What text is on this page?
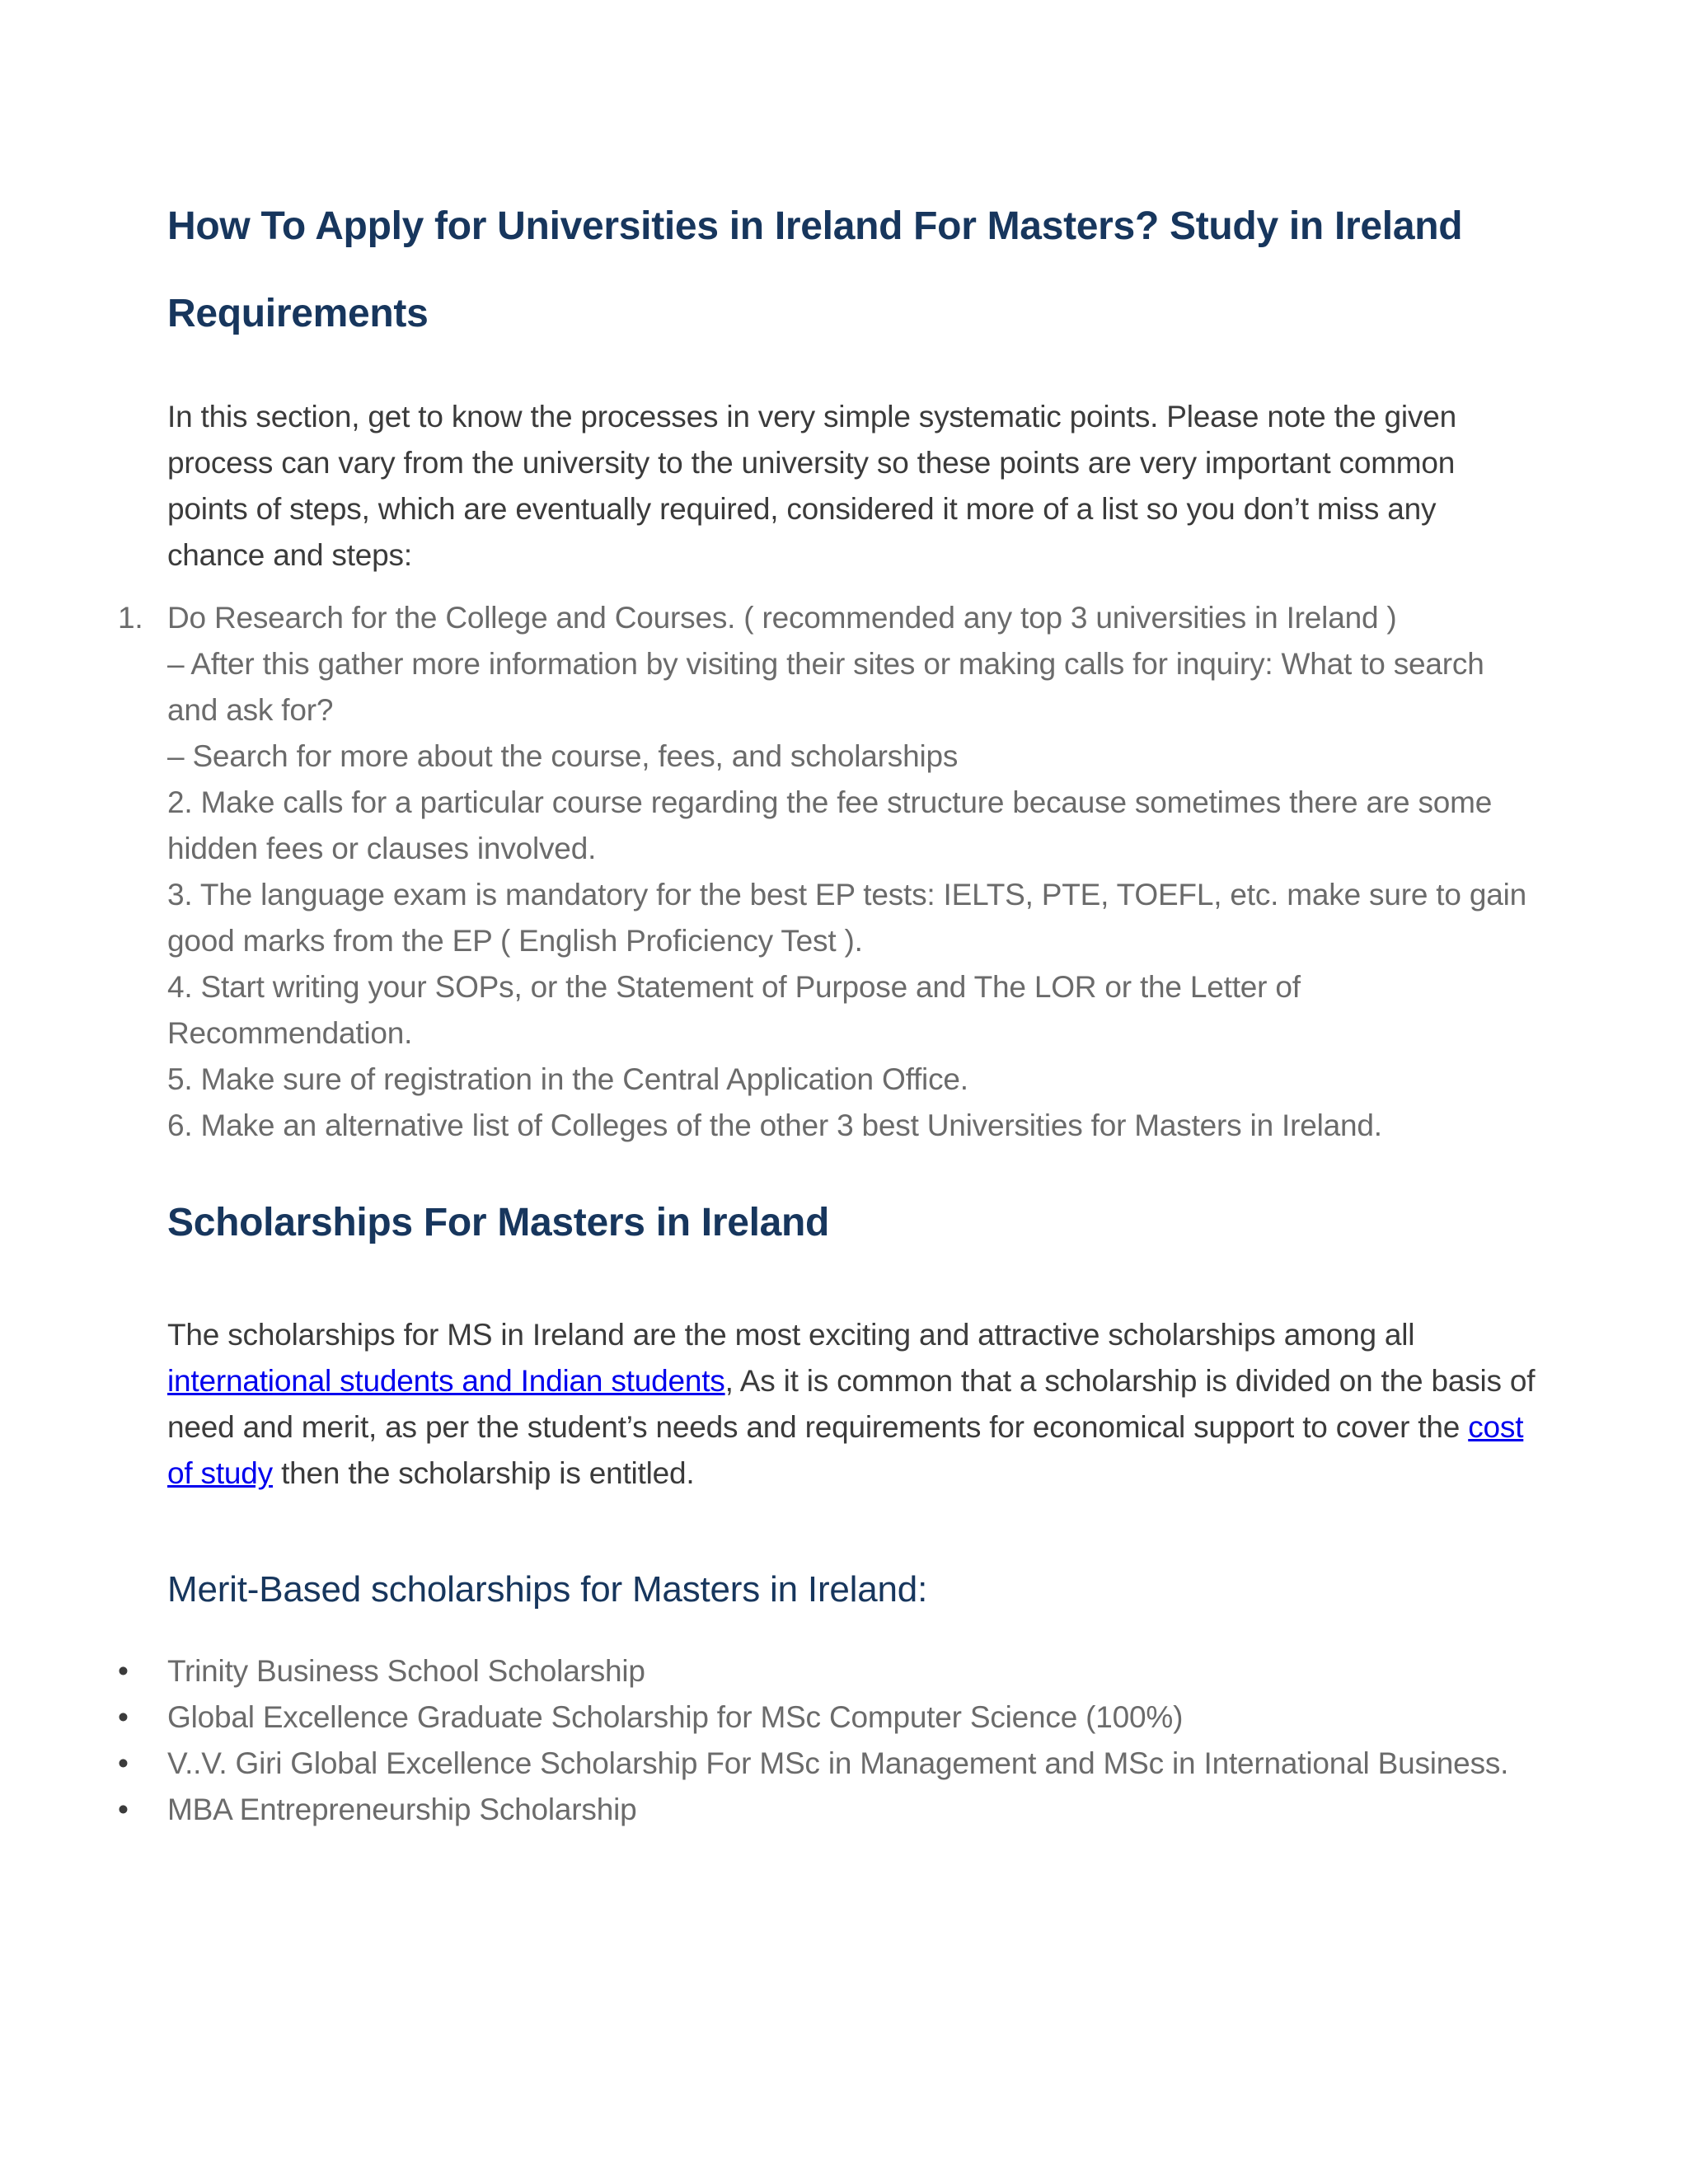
How To Apply for Universities in Ireland For Masters? Study in Ireland
Requirements

In this section, get to know the processes in very simple systematic points. Please note the given process can vary from the university to the university so these points are very important common points of steps, which are eventually required, considered it more of a list so you don’t miss any chance and steps:

1. Do Research for the College and Courses. ( recommended any top 3 universities in Ireland )
– After this gather more information by visiting their sites or making calls for inquiry: What to search and ask for?
– Search for more about the course, fees, and scholarships
2. Make calls for a particular course regarding the fee structure because sometimes there are some hidden fees or clauses involved.
3. The language exam is mandatory for the best EP tests: IELTS, PTE, TOEFL, etc. make sure to gain good marks from the EP ( English Proficiency Test ).
4. Start writing your SOPs, or the Statement of Purpose and The LOR or the Letter of Recommendation.
5. Make sure of registration in the Central Application Office.
6. Make an alternative list of Colleges of the other 3 best Universities for Masters in Ireland.
Scholarships For Masters in Ireland

The scholarships for MS in Ireland are the most exciting and attractive scholarships among all international students and Indian students, As it is common that a scholarship is divided on the basis of need and merit, as per the student’s needs and requirements for economical support to cover the cost of study then the scholarship is entitled.

Merit-Based scholarships for Masters in Ireland:
• Trinity Business School Scholarship
• Global Excellence Graduate Scholarship for MSc Computer Science (100%)
• V..V. Giri Global Excellence Scholarship For MSc in Management and MSc in International Business.
• MBA Entrepreneurship Scholarship
